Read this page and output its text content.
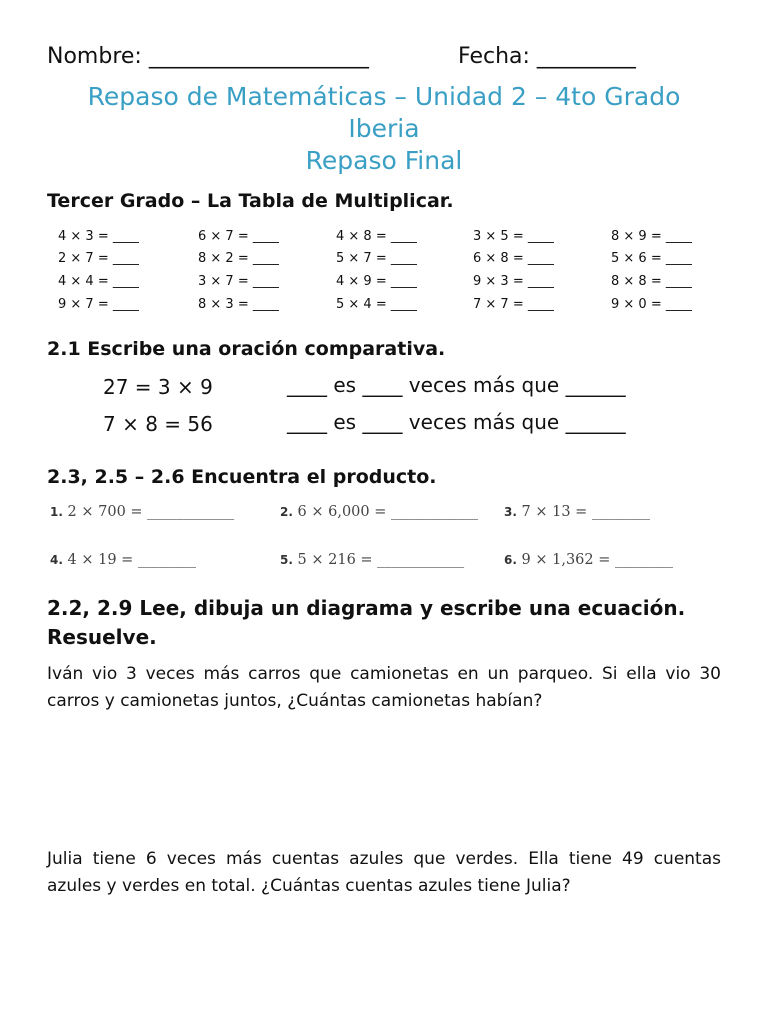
Nombre: ____________________	Fecha: _________
Repaso de Matemáticas – Unidad 2 – 4to Grado
Iberia
Repaso Final
Tercer Grado – La Tabla de Multiplicar.
4 × 3 = ____	6 × 7 = ____	4 × 8 = ____	3 × 5 = ____	8 × 9 = ____
2 × 7 = ____	8 × 2 = ____	5 × 7 = ____	6 × 8 = ____	5 × 6 = ____
4 × 4 = ____	3 × 7 = ____	4 × 9 = ____	9 × 3 = ____	8 × 8 = ____
9 × 7 = ____	8 × 3 = ____	5 × 4 = ____	7 × 7 = ____	9 × 0 = ____
2.1 Escribe una oración comparativa.
27 = 3 × 9	____ es ____ veces más que ______
7 × 8 = 56	____ es ____ veces más que ______
2.3, 2.5 – 2.6 Encuentra el producto.
1. 2 × 700 = ____________	2. 6 × 6,000 = ____________ 3. 7 × 13 = ________
4. 4 × 19 = ________	5. 5 × 216 = ____________	6. 9 × 1,362 = ________
2.2, 2.9 Lee, dibuja un diagrama y escribe una ecuación.
Resuelve.
Iván vio 3 veces más carros que camionetas en un parqueo. Si ella vio 30 carros y camionetas juntos, ¿Cuántas camionetas habían?
Julia tiene 6 veces más cuentas azules que verdes. Ella tiene 49 cuentas azules y verdes en total. ¿Cuántas cuentas azules tiene Julia?
